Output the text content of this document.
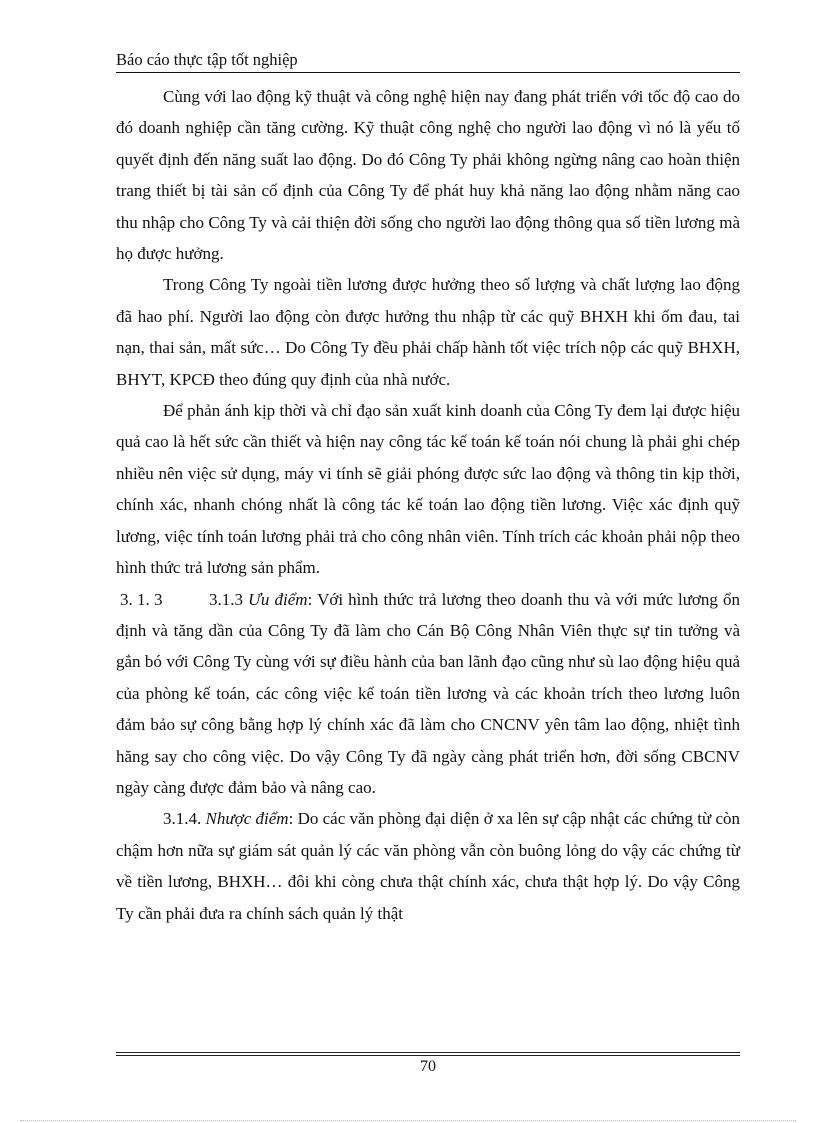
Báo cáo thực tập tốt nghiệp

Cùng với lao động kỹ thuật và công nghệ hiện nay đang phát triển với tốc độ cao do đó doanh nghiệp cần tăng cường. Kỹ thuật công nghệ cho người lao động vì nó là yếu tố quyết định đến năng suất lao động. Do đó Công Ty phải không ngừng nâng cao hoàn thiện trang thiết bị tài sản cố định của Công Ty để phát huy khả năng lao động nhằm năng cao thu nhập cho Công Ty và cải thiện đời sống cho người lao động thông qua số tiền lương mà họ được hưởng.

Trong Công Ty ngoài tiền lương được hưởng theo số lượng và chất lượng lao động đã hao phí. Người lao động còn được hưởng thu nhập từ các quỹ BHXH khi ốm đau, tai nạn, thai sản, mất sức… Do Công Ty đều phải chấp hành tốt việc trích nộp các quỹ BHXH, BHYT, KPCĐ theo đúng quy định của nhà nước.

Để phản ánh kịp thời và chỉ đạo sản xuất kinh doanh của Công Ty đem lại được hiệu quả cao là hết sức cần thiết và hiện nay công tác kế toán kế toán nói chung là phải ghi chép nhiều nên việc sử dụng, máy vi tính sẽ giải phóng được sức lao động và thông tin kịp thời, chính xác, nhanh chóng nhất là công tác kế toán lao động tiền lương. Việc xác định quỹ lương, việc tính toán lương phải trả cho công nhân viên. Tính trích các khoản phải nộp theo hình thức trả lương sản phẩm.

3. 1. 3	3.1.3 Ưu điểm: Với hình thức trả lương theo doanh thu và với mức lương ổn định và tăng dần của Công Ty đã làm cho Cán Bộ Công Nhân Viên thực sự tin tưởng và gắn bó với Công Ty cùng với sự điều hành của ban lãnh đạo cũng như sù lao động hiệu quả của phòng kế toán, các công việc kế toán tiền lương và các khoản trích theo lương luôn đảm bảo sự công bằng hợp lý chính xác đã làm cho CNCNV yên tâm lao động, nhiệt tình hăng say cho công việc. Do vậy Công Ty đã ngày càng phát triển hơn, đời sống CBCNV ngày càng được đảm bảo và nâng cao.

3.1.4. Nhược điểm: Do các văn phòng đại diện ở xa lên sự cập nhật các chứng từ còn chậm hơn nữa sự giám sát quản lý các văn phòng vẫn còn buông lỏng do vậy các chứng từ về tiền lương, BHXH… đôi khi còng chưa thật chính xác, chưa thật hợp lý. Do vậy Công Ty cần phải đưa ra chính sách quản lý thật

70
